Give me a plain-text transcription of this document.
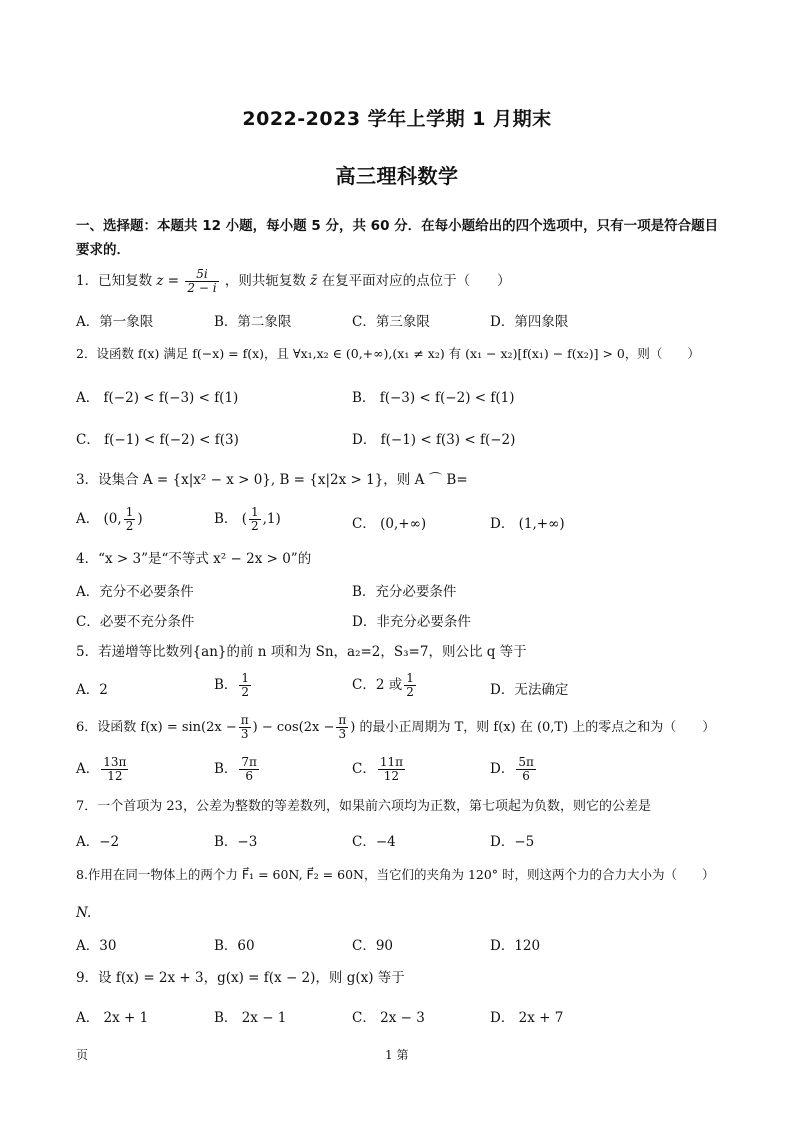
2022-2023 学年上学期 1 月期末
高三理科数学
一、选择题：本题共 12 小题，每小题 5 分，共 60 分．在每小题给出的四个选项中，只有一项是符合题目要求的．
1．已知复数 $z = \frac{5i}{2 - i}$ ，则共轭复数 z̄ 在复平面对应的点位于（　　）
A．第一象限	B．第二象限	C．第三象限	D．第四象限
2．设函数 f(x) 满足 f(−x) = f(x)，且 ∀x₁,x₂ ∈ (0,+∞),(x₁ ≠ x₂) 有 (x₁ − x₂)[f(x₁) − f(x₂)] > 0，则（　　）
A． f(−2) < f(−3) < f(1)	B． f(−3) < f(−2) < f(1)
C． f(−1) < f(−2) < f(3)	D． f(−1) < f(3) < f(−2)
3．设集合 A = {x|x² − x > 0}, B = {x|2x > 1}，则 A ⌒ B=
A． (0, $\frac{1}{2}$ )	B． ( $\frac{1}{2} ,1$)	C． (0,+∞)	D． (1,+∞)
4．“x > 3”是“不等式 x² − 2x > 0”的
A．充分不必要条件	B．充分必要条件
C．必要不充分条件	D．非充分必要条件
5．若递增等比数列{an}的前 n 项和为 Sn，a₂=2，S₃=7，则公比 q 等于
A．2	B． $\frac{1}{2}$	C．2 或 $\frac{1}{2}$	D．无法确定
6．设函数 $f(x) = \sin(2x - \frac{\pi}{3}$ ) − $\cos(2x - \frac{\pi}{3}$ ) 的最小正周期为 T，则 f(x) 在 (0,T) 上的零点之和为（　　）
A． $\frac{13\pi}{12}$	B． $\frac{7\pi}{6}$	C． $\frac{11\pi}{12}$	D． $\frac{5\pi}{6}$
7．一个首项为 23，公差为整数的等差数列，如果前六项均为正数，第七项起为负数，则它的公差是
A．−2	B．−3	C．−4	D．−5
8.作用在同一物体上的两个力 F⃗₁ = 60N, F⃗₂ = 60N，当它们的夹角为 120° 时，则这两个力的合力大小为（　　）
N.
A．30	B．60	C．90	D．120
9．设 f(x) = 2x + 3，g(x) = f(x − 2)，则 g(x) 等于
A． 2x + 1	B． 2x − 1	C． 2x − 3	D． 2x + 7
页	1 第
